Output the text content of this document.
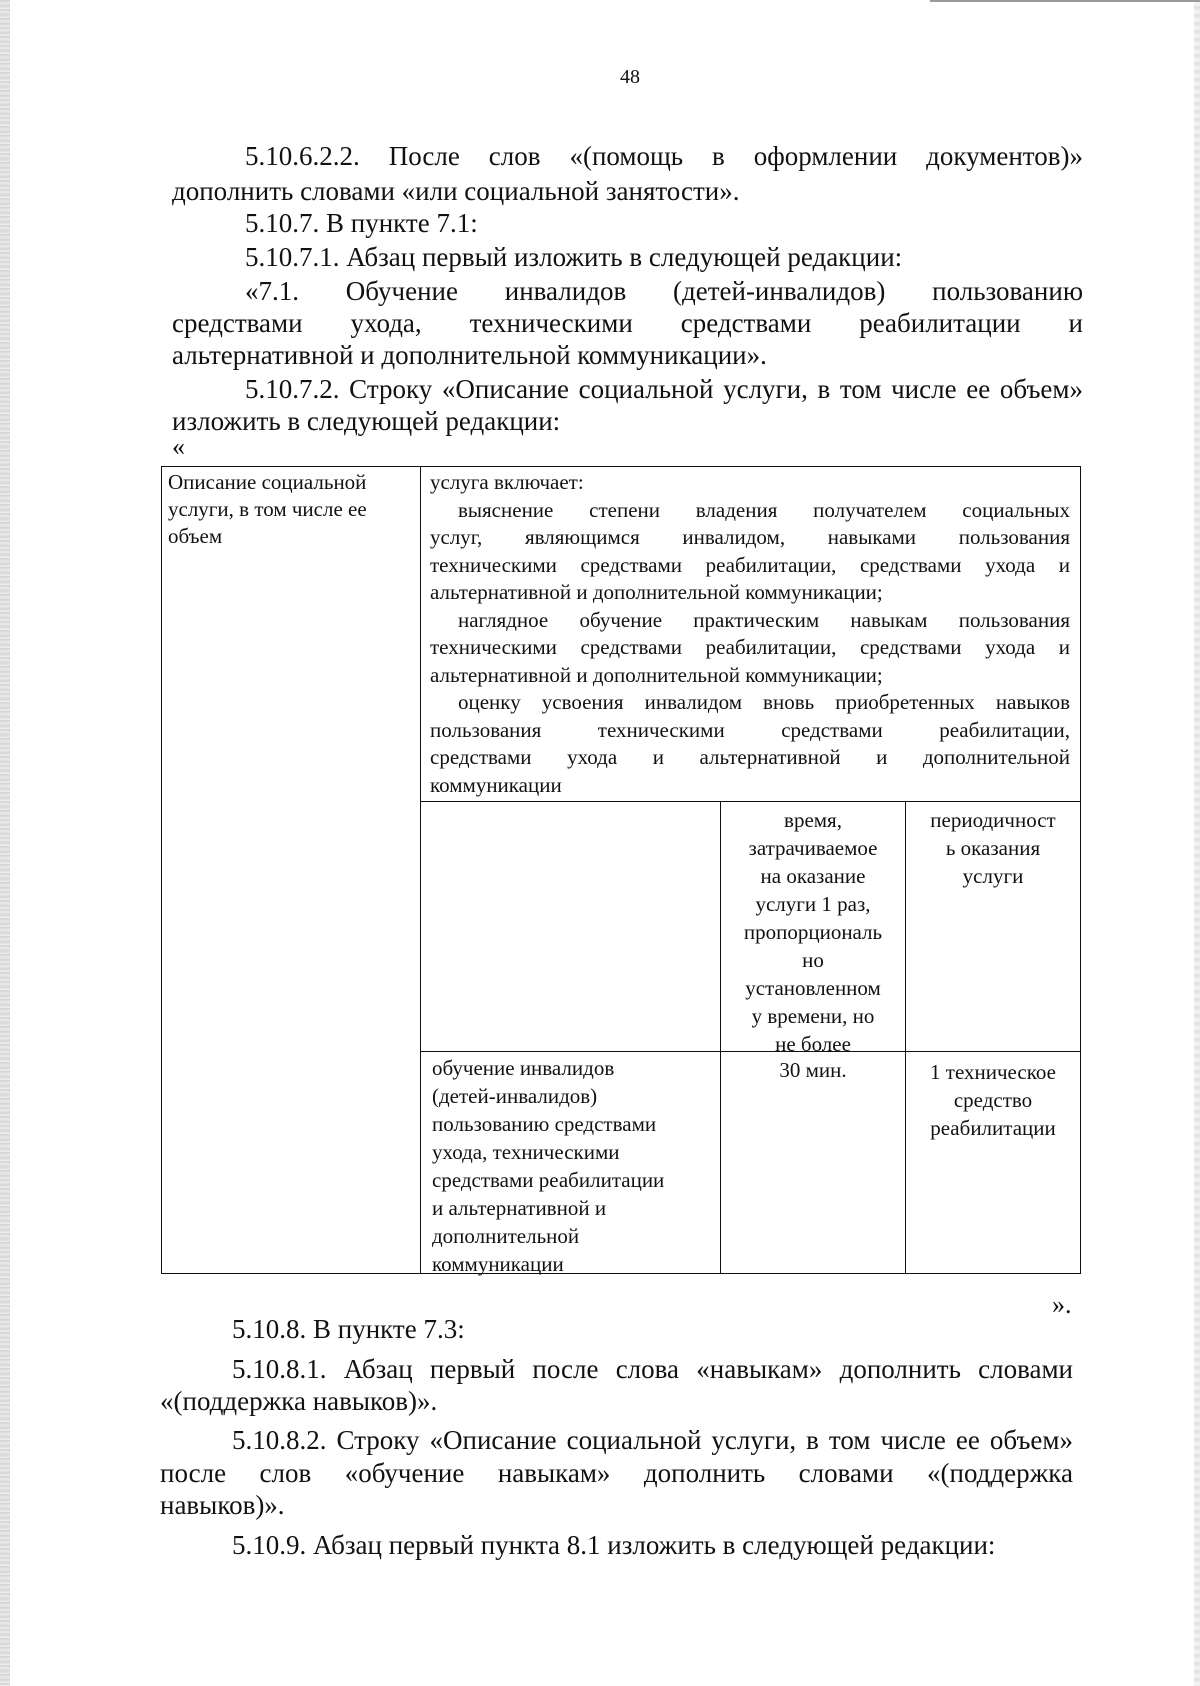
48

5.10.6.2.2. После слов «(помощь в оформлении документов)»

дополнить словами «или социальной занятости».

5.10.7. В пункте 7.1:

5.10.7.1. Абзац первый изложить в следующей редакции:

«7.1. Обучение инвалидов (детей-инвалидов) пользованию

средствами ухода, техническими средствами реабилитации и

альтернативной и дополнительной коммуникации».

5.10.7.2. Строку «Описание социальной услуги, в том числе ее объем»

изложить в следующей редакции:

«
Описание социальной
услуги, в том числе ее
объем

услуга включает:

выяснение степени владения получателем социальных

услуг, являющимся инвалидом, навыками пользования

техническими средствами реабилитации, средствами ухода и

альтернативной и дополнительной коммуникации;

наглядное обучение практическим навыкам пользования

техническими средствами реабилитации, средствами ухода и

альтернативной и дополнительной коммуникации;

оценку усвоения инвалидом вновь приобретенных навыков

пользования техническими средствами реабилитации,

средствами ухода и альтернативной и дополнительной

коммуникации

время,
затрачиваемое
на оказание
услуги 1 раз,
пропорциональ
но
установленном
у времени, но
не более
периодичност
ь оказания
услуги
обучение инвалидов
(детей-инвалидов)
пользованию средствами
ухода, техническими
средствами реабилитации
и альтернативной и
дополнительной
коммуникации
30 мин.	1 техническое
средство
реабилитации
».

5.10.8. В пункте 7.3:

5.10.8.1. Абзац первый после слова «навыкам» дополнить словами

«(поддержка навыков)».

5.10.8.2. Строку «Описание социальной услуги, в том числе ее объем»

после слов «обучение навыкам» дополнить словами «(поддержка

навыков)».

5.10.9. Абзац первый пункта 8.1 изложить в следующей редакции:
